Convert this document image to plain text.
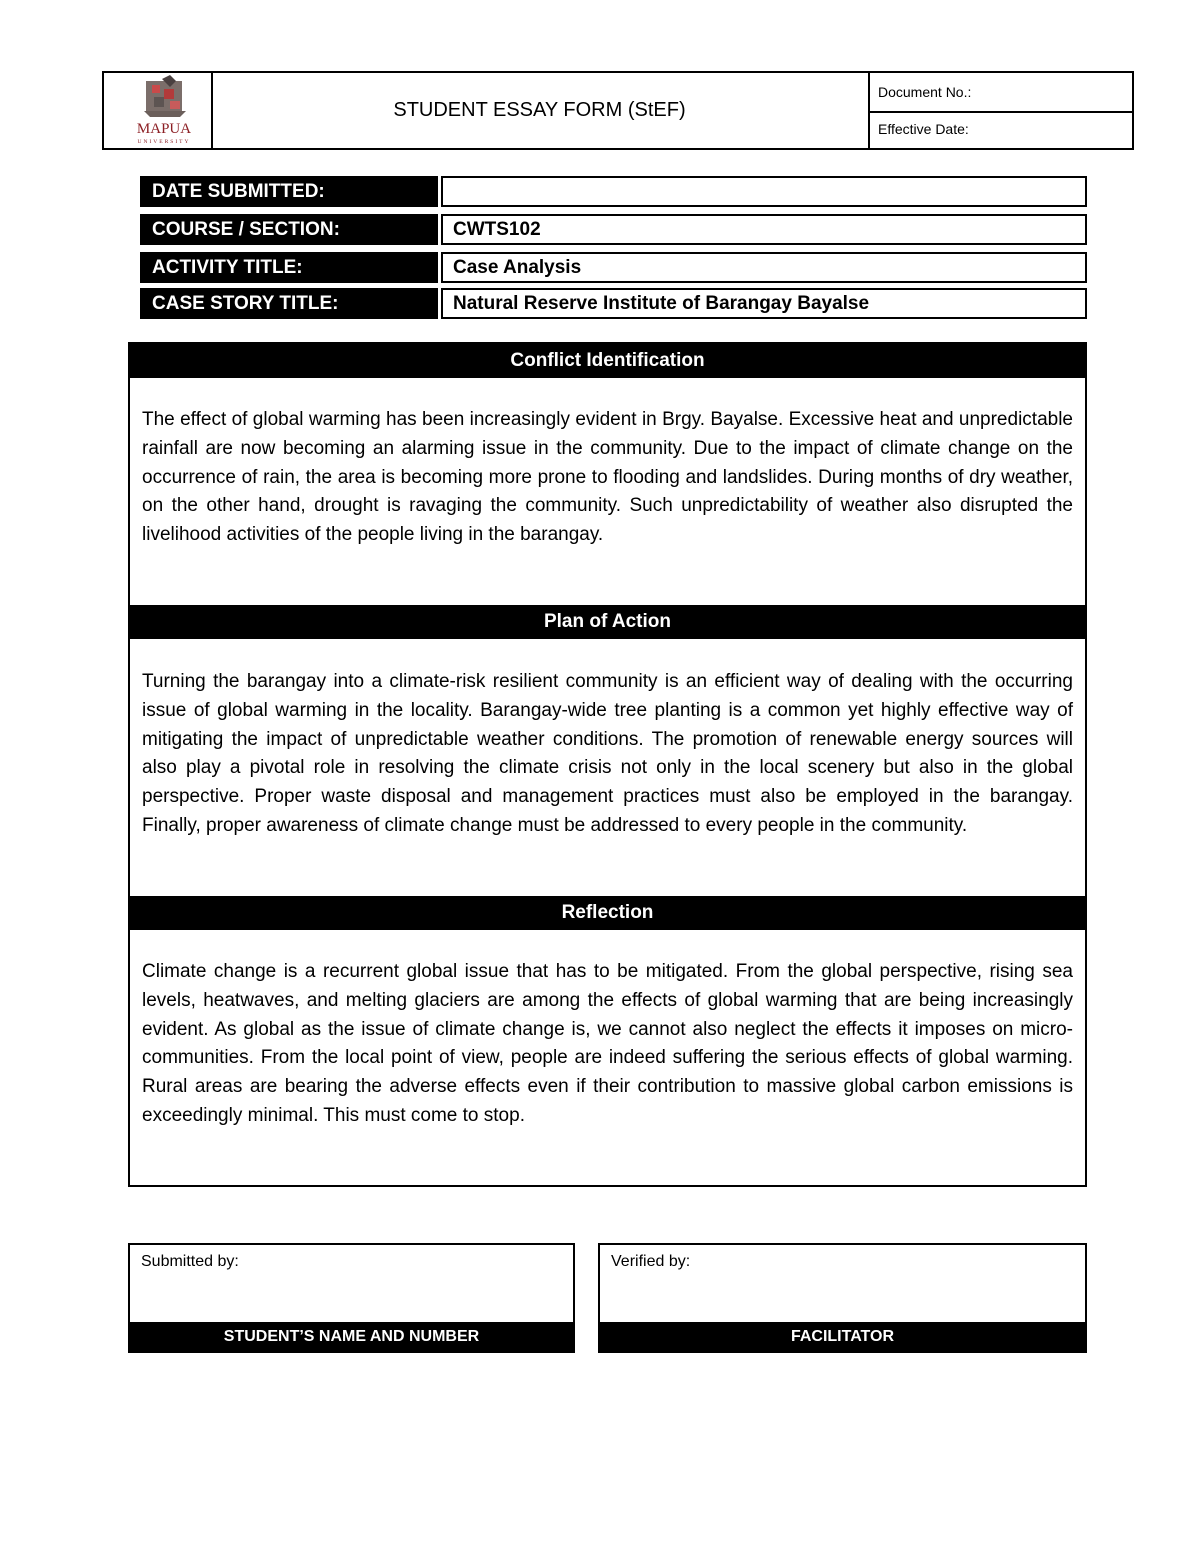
MAPUA
UNIVERSITY
STUDENT ESSAY FORM (StEF)
Document No.:
Effective Date:
DATE SUBMITTED:
COURSE / SECTION:	CWTS102
ACTIVITY TITLE:	Case Analysis
CASE STORY TITLE:	Natural Reserve Institute of Barangay Bayalse
Conflict Identification
The effect of global warming has been increasingly evident in Brgy. Bayalse. Excessive heat and unpredictable rainfall are now becoming an alarming issue in the community. Due to the impact of climate change on the occurrence of rain, the area is becoming more prone to flooding and landslides. During months of dry weather, on the other hand, drought is ravaging the community. Such unpredictability of weather also disrupted the livelihood activities of the people living in the barangay.
Plan of Action
Turning the barangay into a climate-risk resilient community is an efficient way of dealing with the occurring issue of global warming in the locality. Barangay-wide tree planting is a common yet highly effective way of mitigating the impact of unpredictable weather conditions. The promotion of renewable energy sources will also play a pivotal role in resolving the climate crisis not only in the local scenery but also in the global perspective. Proper waste disposal and management practices must also be employed in the barangay. Finally, proper awareness of climate change must be addressed to every people in the community.
Reflection
Climate change is a recurrent global issue that has to be mitigated. From the global perspective, rising sea levels, heatwaves, and melting glaciers are among the effects of global warming that are being increasingly evident. As global as the issue of climate change is, we cannot also neglect the effects it imposes on micro-communities. From the local point of view, people are indeed suffering the serious effects of global warming. Rural areas are bearing the adverse effects even if their contribution to massive global carbon emissions is exceedingly minimal. This must come to stop.
Submitted by:
STUDENT’S NAME AND NUMBER
Verified by:
FACILITATOR
